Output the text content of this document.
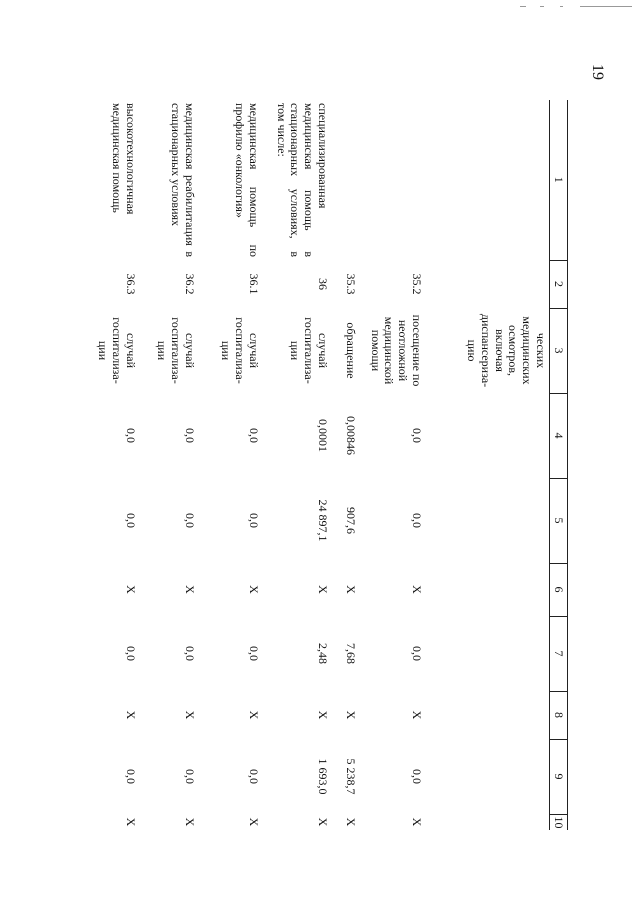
19
1	2	3	4	5	6	7	8	9	10
		ческих медицинских осмотров, включая диспансериза-цию							
	35.2	посещение по неотложной медицинской помощи	0,0	0,0	X	0,0	X	0,0	X
	35.3	обращение	0,00846	907,6	X	7,68	X	5 238,7	X
специализированная медицинская помощь в стационарных условиях, в том числе:	36	случай госпитализа-ции	0,0001	24 897,1	X	2,48	X	1 693,0	X
медицинская помощь по профилю «онкология»	36.1	случай госпитализа-ции	0,0	0,0	X	0,0	X	0,0	X
медицинская реабилитация в стационарных условиях	36.2	случай госпитализа-ции	0,0	0,0	X	0,0	X	0,0	X
высокотехнологичная медицинская помощь	36.3	случай госпитализа-ции	0,0	0,0	X	0,0	X	0,0	X
